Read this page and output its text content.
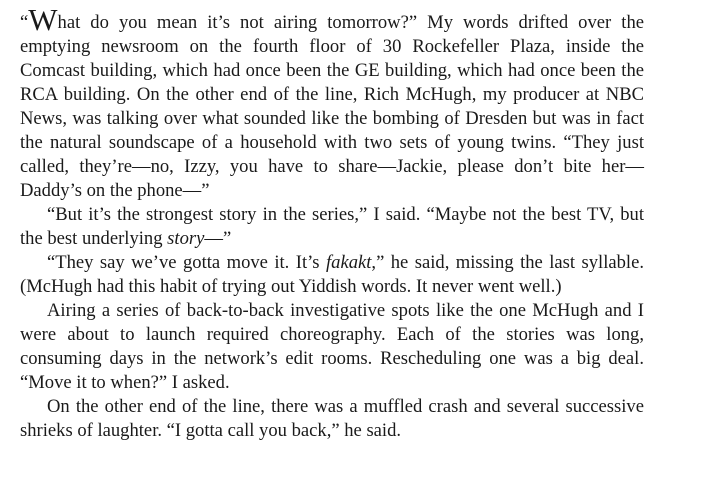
“What do you mean it’s not airing tomorrow?” My words drifted over the emptying newsroom on the fourth floor of 30 Rockefeller Plaza, inside the Comcast building, which had once been the GE building, which had once been the RCA building. On the other end of the line, Rich McHugh, my producer at NBC News, was talking over what sounded like the bombing of Dresden but was in fact the natural soundscape of a household with two sets of young twins. “They just called, they’re—no, Izzy, you have to share—Jackie, please don’t bite her—Daddy’s on the phone—”

“But it’s the strongest story in the series,” I said. “Maybe not the best TV, but the best underlying story—”

“They say we’ve gotta move it. It’s fakakt,” he said, missing the last syllable. (McHugh had this habit of trying out Yiddish words. It never went well.)

Airing a series of back-to-back investigative spots like the one McHugh and I were about to launch required choreography. Each of the stories was long, consuming days in the network’s edit rooms. Rescheduling one was a big deal. “Move it to when?” I asked.

On the other end of the line, there was a muffled crash and several successive shrieks of laughter. “I gotta call you back,” he said.
